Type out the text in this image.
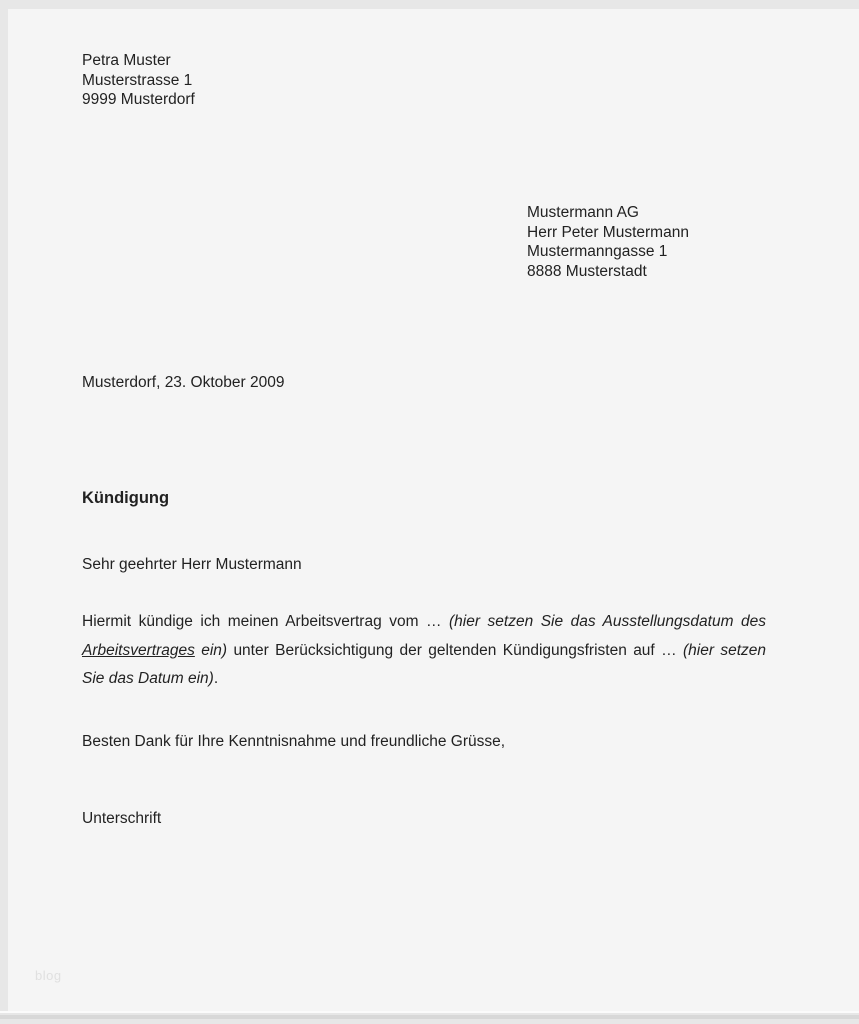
Petra Muster
Musterstrasse 1
9999 Musterdorf
Mustermann AG
Herr Peter Mustermann
Mustermanngasse 1
8888 Musterstadt
Musterdorf, 23. Oktober 2009
Kündigung
Sehr geehrter Herr Mustermann
Hiermit kündige ich meinen Arbeitsvertrag vom … (hier setzen Sie das Ausstellungsdatum des Arbeitsvertrages ein) unter Berücksichtigung der geltenden Kündigungsfristen auf … (hier setzen Sie das Datum ein).
Besten Dank für Ihre Kenntnisnahme und freundliche Grüsse,
Unterschrift
blog
